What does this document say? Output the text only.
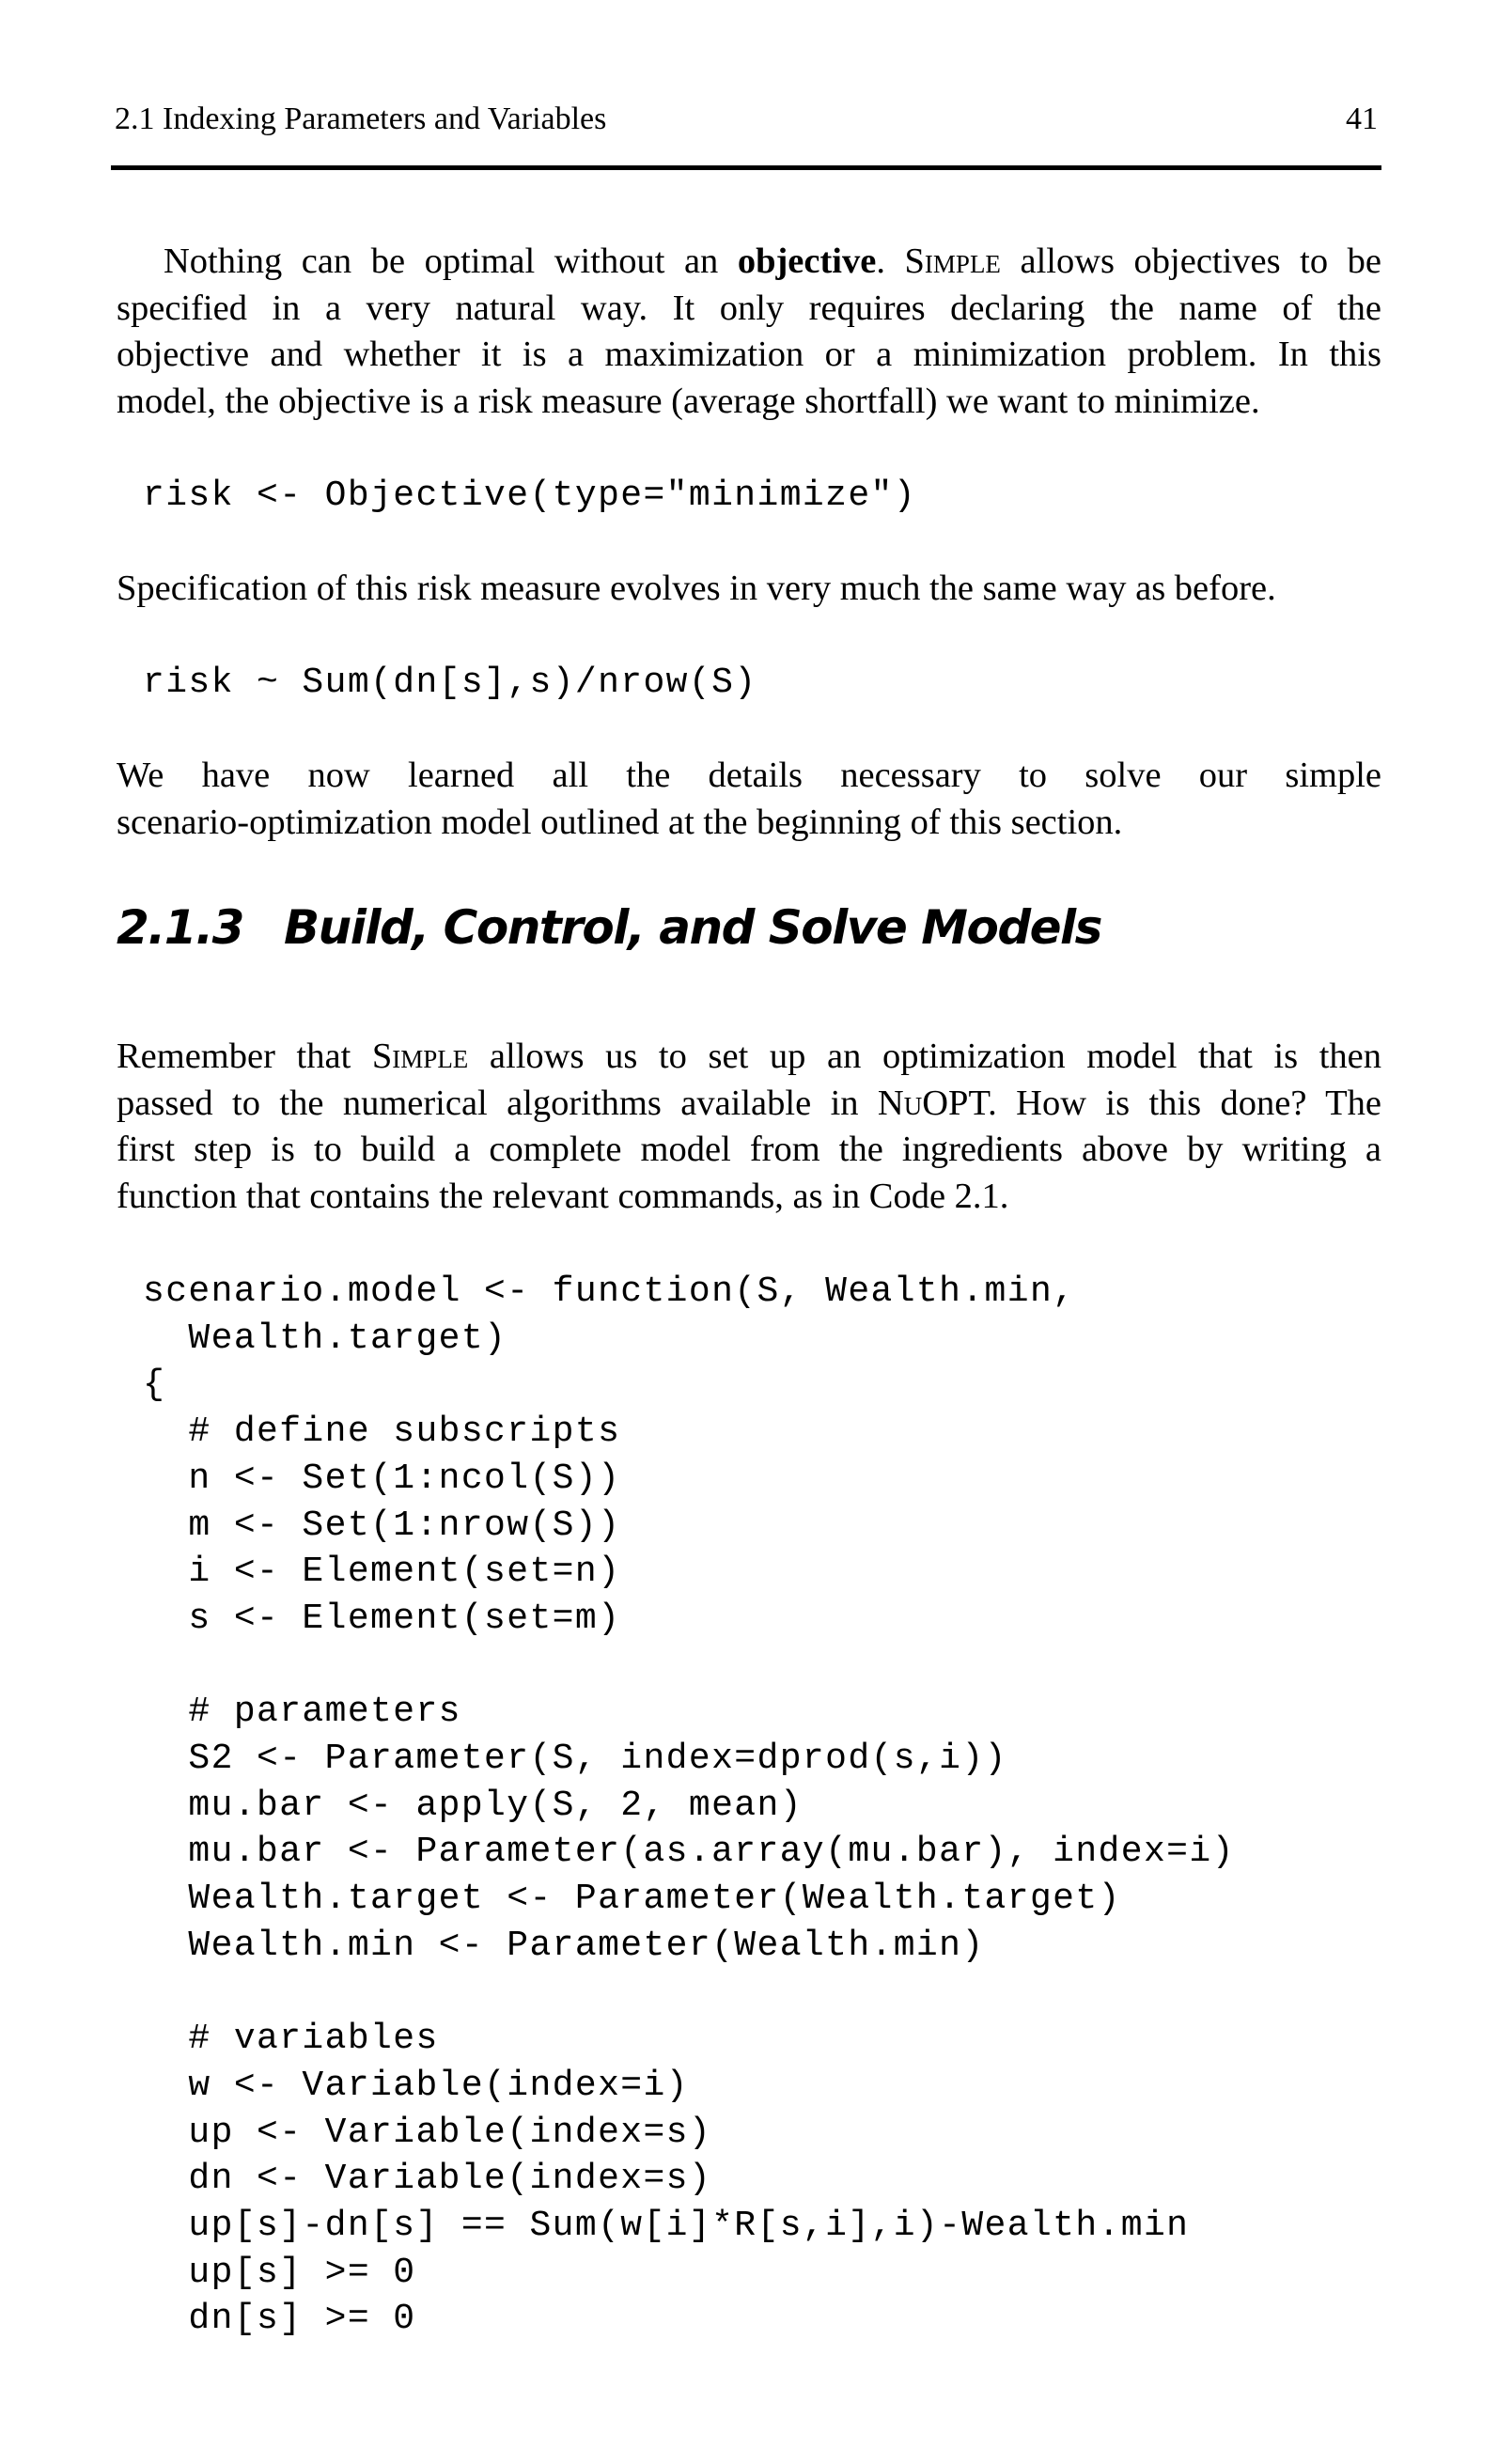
2.1 Indexing Parameters and Variables	41

Nothing can be optimal without an objective. Simple allows objectives to be
specified in a very natural way. It only requires declaring the name of the
objective and whether it is a maximization or a minimization problem. In this
model, the objective is a risk measure (average shortfall) we want to minimize.

risk <- Objective(type="minimize")

Specification of this risk measure evolves in very much the same way as before.

risk ~ Sum(dn[s],s)/nrow(S)

We have now learned all the details necessary to solve our simple
scenario-optimization model outlined at the beginning of this section.

2.1.3 Build, Control, and Solve Models

Remember that Simple allows us to set up an optimization model that is then
passed to the numerical algorithms available in NuOPT. How is this done? The
first step is to build a complete model from the ingredients above by writing a
function that contains the relevant commands, as in Code 2.1.

scenario.model <- function(S, Wealth.min,
Wealth.target)
{
# define subscripts
n <- Set(1:ncol(S))
m <- Set(1:nrow(S))
i <- Element(set=n)
s <- Element(set=m)

# parameters
S2 <- Parameter(S, index=dprod(s,i))
mu.bar <- apply(S, 2, mean)
mu.bar <- Parameter(as.array(mu.bar), index=i)
Wealth.target <- Parameter(Wealth.target)
Wealth.min <- Parameter(Wealth.min)

# variables
w <- Variable(index=i)
up <- Variable(index=s)
dn <- Variable(index=s)
up[s]-dn[s] == Sum(w[i]*R[s,i],i)-Wealth.min
up[s] >= 0
dn[s] >= 0
